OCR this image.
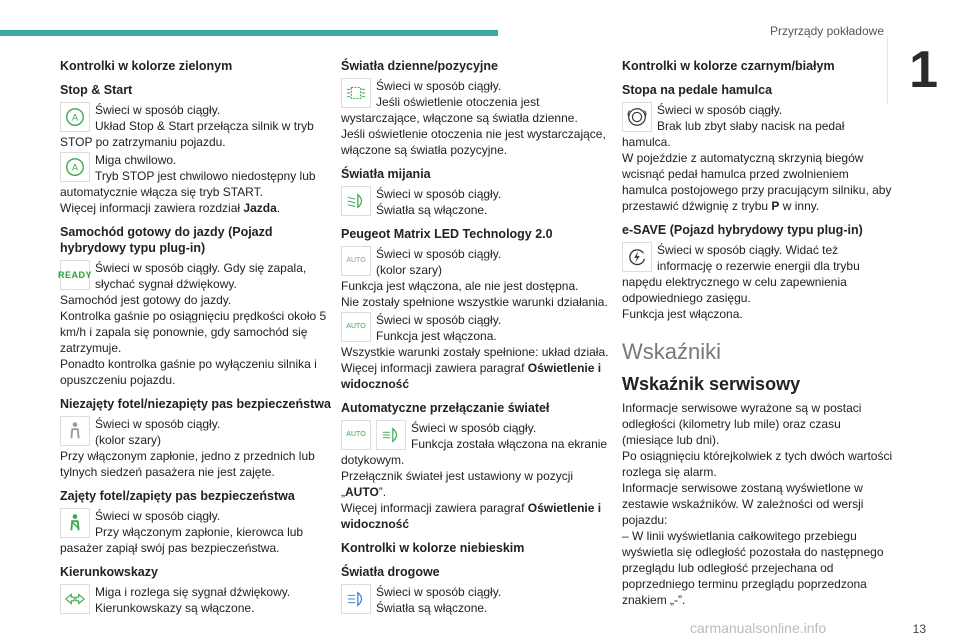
Przyrządy pokładowe
1
Kontrolki w kolorze zielonym
Stop & Start
A

Świeci w sposób ciągły.

Układ Stop & Start przełącza silnik w tryb STOP po zatrzymaniu pojazdu.

A

Miga chwilowo.

Tryb STOP jest chwilowo niedostępny lub automatycznie włącza się tryb START.

Więcej informacji zawiera rozdział Jazda.

Samochód gotowy do jazdy (Pojazd hybrydowy typu plug-in)
READY Świeci w sposób ciągły. Gdy się zapala, słychać sygnał dźwiękowy.

Samochód jest gotowy do jazdy.

Kontrolka gaśnie po osiągnięciu prędkości około 5 km/h i zapala się ponownie, gdy samochód się zatrzymuje.

Ponadto kontrolka gaśnie po wyłączeniu silnika i opuszczeniu pojazdu.

Niezajęty fotel/niezapięty pas bezpieczeństwa

Świeci w sposób ciągły.

(kolor szary)

Przy włączonym zapłonie, jedno z przednich lub tylnych siedzeń pasażera nie jest zajęte.

Zajęty fotel/zapięty pas bezpieczeństwa

Świeci w sposób ciągły.

Przy włączonym zapłonie, kierowca lub pasażer zapiął swój pas bezpieczeństwa.

Kierunkowskazy

Miga i rozlega się sygnał dźwiękowy.

Kierunkowskazy są włączone.

Światła dzienne/pozycyjne

Świeci w sposób ciągły.

Jeśli oświetlenie otoczenia jest wystarczające, włączone są światła dzienne.

Jeśli oświetlenie otoczenia nie jest wystarczające, włączone są światła pozycyjne.

Światła mijania

Świeci w sposób ciągły.

Światła są włączone.

Peugeot Matrix LED Technology 2.0
AUTO Świeci w sposób ciągły.

(kolor szary)

Funkcja jest włączona, ale nie jest dostępna.

Nie zostały spełnione wszystkie warunki działania.

AUTO Świeci w sposób ciągły.

Funkcja jest włączona.

Wszystkie warunki zostały spełnione: układ działa.

Więcej informacji zawiera paragraf Oświetlenie i widoczność

Automatyczne przełączanie świateł
AUTO	Świeci w sposób ciągły.

Funkcja została włączona na ekranie dotykowym.

Przełącznik świateł jest ustawiony w pozycji „AUTO”.

Więcej informacji zawiera paragraf Oświetlenie i widoczność

Kontrolki w kolorze niebieskim
Światła drogowe

Świeci w sposób ciągły.

Światła są włączone.

Kontrolki w kolorze czarnym/białym
Stopa na pedale hamulca

Świeci w sposób ciągły.

Brak lub zbyt słaby nacisk na pedał hamulca.

W pojeździe z automatyczną skrzynią biegów wcisnąć pedał hamulca przed zwolnieniem hamulca postojowego przy pracującym silniku, aby przestawić dźwignię z trybu P w inny.

e-SAVE (Pojazd hybrydowy typu plug-in)

Świeci w sposób ciągły. Widać też informację o rezerwie energii dla trybu napędu elektrycznego w celu zapewnienia odpowiedniego zasięgu.

Funkcja jest włączona.

Wskaźniki
Wskaźnik serwisowy

Informacje serwisowe wyrażone są w postaci odległości (kilometry lub mile) oraz czasu (miesiące lub dni).

Po osiągnięciu którejkolwiek z tych dwóch wartości rozlega się alarm.

Informacje serwisowe zostaną wyświetlone w zestawie wskaźników. W zależności od wersji pojazdu:

– W linii wyświetlania całkowitego przebiegu wyświetla się odległość pozostała do następnego przeglądu lub odległość przejechana od poprzedniego terminu przeglądu poprzedzona znakiem „-”.

carmanualsonline.info	13
